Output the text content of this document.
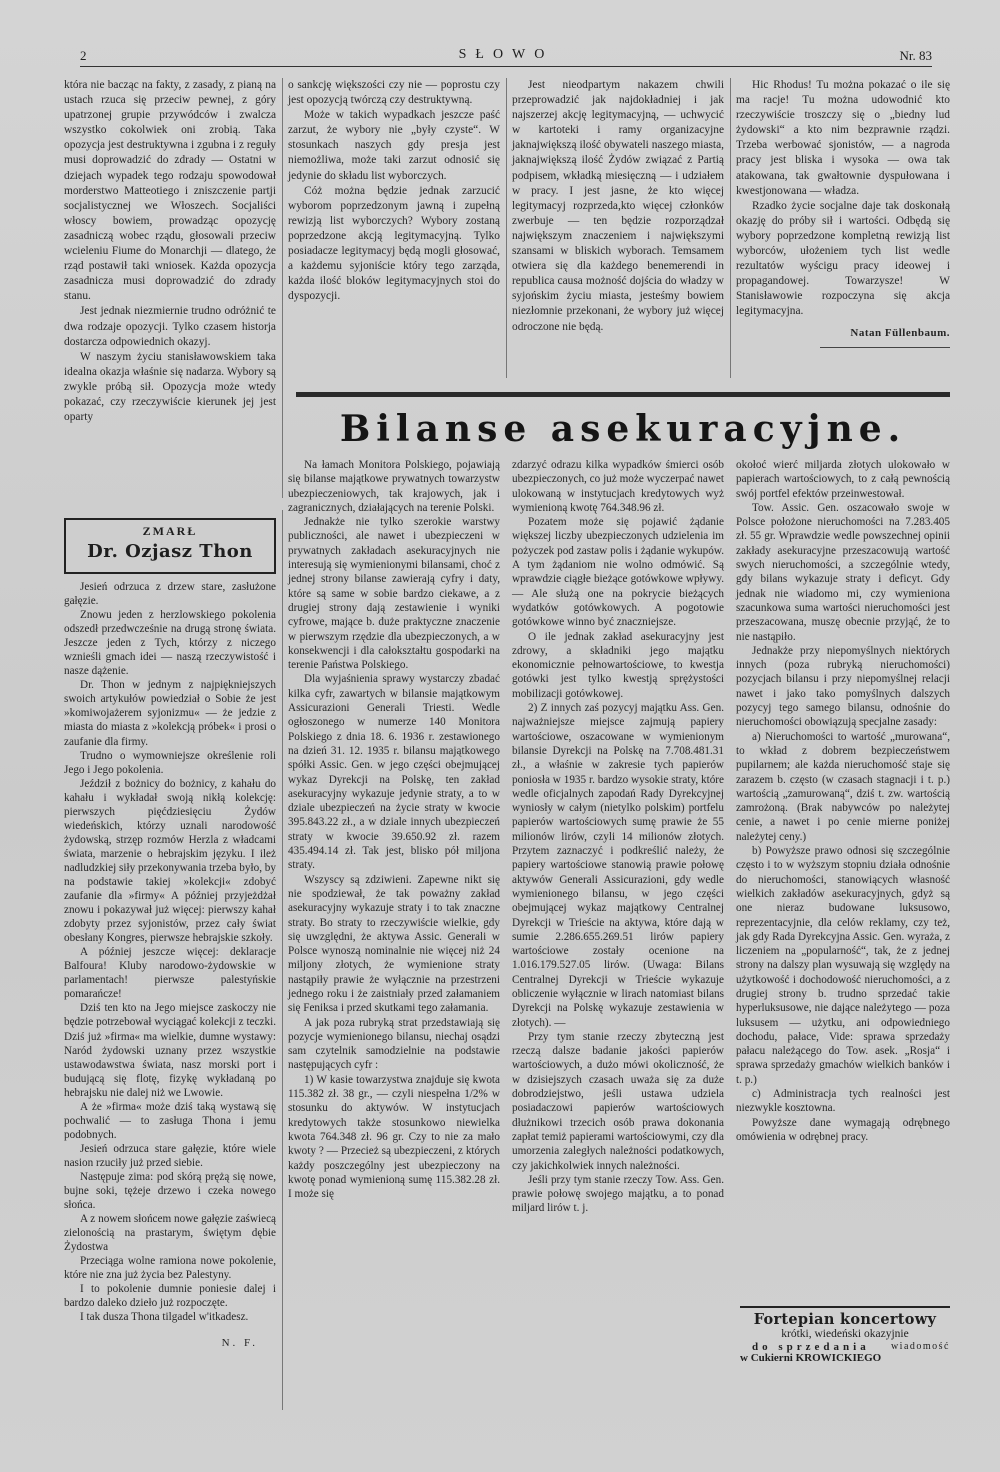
2	SŁOWO	Nr. 83

która nie bacząc na fakty, z zasady, z pianą na ustach rzuca się przeciw pewnej, z góry upatrzonej grupie przywódców i zwalcza wszystko cokolwiek oni zrobią. Taka opozycja jest destruktywna i zgubna i z reguły musi doprowadzić do zdrady — Ostatni w dziejach wypadek tego rodzaju spowodował morderstwo Matteotiego i zniszczenie partji socjalistycznej we Włoszech. Socjaliści włoscy bowiem, prowadząc opozycję zasadniczą wobec rządu, głosowali przeciw wcieleniu Fiume do Monarchji — dlatego, że rząd postawił taki wniosek. Każda opozycja zasadnicza musi doprowadzić do zdrady stanu.

Jest jednak niezmiernie trudno odróżnić te dwa rodzaje opozycji. Tylko czasem historja dostarcza odpowiednich okazyj.

W naszym życiu stanisławowskiem taka idealna okazja właśnie się nadarza. Wybory są zwykle próbą sił. Opozycja może wtedy pokazać, czy rzeczywiście kierunek jej jest oparty

o sankcję większości czy nie — poprostu czy jest opozycją twórczą czy destruktywną.

Może w takich wypadkach jeszcze paść zarzut, że wybory nie „były czyste“. W stosunkach naszych gdy presja jest niemożliwa, może taki zarzut odnosić się jedynie do składu list wyborczych.

Cóż można będzie jednak zarzucić wyborom poprzedzonym jawną i zupełną rewizją list wyborczych? Wybory zostaną poprzedzone akcją legitymacyjną. Tylko posiadacze legitymacyj będą mogli głosować, a każdemu syjoniście który tego zarząda, każda ilość bloków legitymacyjnych stoi do dyspozycji.

Jest nieodpartym nakazem chwili przeprowadzić jak najdokładniej i jak najszerzej akcję legitymacyjną, — uchwycić w kartoteki i ramy organizacyjne jaknajwiększą ilość obywateli naszego miasta, jaknajwiększą ilość Żydów związać z Partią podpisem, wkładką miesięczną — i udziałem w pracy. I jest jasne, że kto więcej legitymacyj rozprzeda,kto więcej członków zwerbuje — ten będzie rozporządzał największym znaczeniem i największymi szansami w bliskich wyborach. Temsamem otwiera się dla każdego benemerendi in republica causa możność dojścia do władzy w syjońskim życiu miasta, jesteśmy bowiem niezłomnie przekonani, że wybory już więcej odroczone nie będą.

Hic Rhodus! Tu można pokazać o ile się ma racje! Tu można udowodnić kto rzeczywiście troszczy się o „biedny lud żydowski“ a kto nim bezprawnie rządzi. Trzeba werbować sjonistów, — a nagroda pracy jest bliska i wysoka — owa tak atakowana, tak gwałtownie dyspułowana i kwestjonowana — władza.

Rzadko życie socjalne daje tak doskonałą okazję do próby sił i wartości. Odbędą się wybory poprzedzone kompletną rewizją list wyborców, ułożeniem tych list wedle rezultatów wyścigu pracy ideowej i propagandowej. Towarzysze! W Stanisławowie rozpoczyna się akcja legitymacyjna.

Natan Füllenbaum.
Bilanse asekuracyjne.
ZMARŁ
Dr. Ozjasz Thon

Jesień odrzuca z drzew stare, zasłużone gałęzie.

Znowu jeden z herzlowskiego pokolenia odszedł przedwcześnie na drugą stronę świata. Jeszcze jeden z Tych, którzy z niczego wznieśli gmach idei — naszą rzeczywistość i nasze dążenie.

Dr. Thon w jednym z najpiękniejszych swoich artykułów powiedział o Sobie że jest »komiwojażerem syjonizmu« — że jedzie z miasta do miasta z »kolekcją próbek« i prosi o zaufanie dla firmy.

Trudno o wymowniejsze określenie roli Jego i Jego pokolenia.

Jeździł z bożnicy do bożnicy, z kahału do kahału i wykładał swoją nikłą kolekcję: pierwszych pięćdziesięciu Żydów wiedeńskich, którzy uznali narodowość żydowską, strzęp rozmów Herzla z władcami świata, marzenie o hebrajskim języku. I ileż nadludzkiej siły przekonywania trzeba było, by na podstawie takiej »kolekcji« zdobyć zaufanie dla »firmy« A później przyjeżdżał znowu i pokazywał już więcej: pierwszy kahał zdobyty przez syjonistów, przez cały świat obesłany Kongres, pierwsze hebrajskie szkoły.

A później jeszcze więcej: deklaracje Balfoura! Kluby narodowo-żydowskie w parlamentach! pierwsze palestyńskie pomarańcze!

Dziś ten kto na Jego miejsce zaskoczy nie będzie potrzebował wyciągać kolekcji z teczki. Dziś już »firma« ma wielkie, dumne wystawy: Naród żydowski uznany przez wszystkie ustawodawstwa świata, nasz morski port i budującą się flotę, fizykę wykładaną po hebrajsku nie dalej niż we Lwowie.

A że »firma« może dziś taką wystawą się pochwalić — to zasługa Thona i jemu podobnych.

Jesień odrzuca stare gałęzie, które wiele nasion rzuciły już przed siebie.

Następuje zima: pod skórą prężą się nowe, bujne soki, tężeje drzewo i czeka nowego słońca.

A z nowem słońcem nowe gałęzie zaświecą zielonością na prastarym, świętym dębie Żydostwa

Przeciąga wolne ramiona nowe pokolenie, które nie zna już życia bez Palestyny.

I to pokolenie dumnie poniesie dalej i bardzo daleko dzieło już rozpoczęte.

I tak dusza Thona tilgadel w'itkadesz.

N. F.

Na łamach Monitora Polskiego, pojawiają się bilanse majątkowe prywatnych towarzystw ubezpieczeniowych, tak krajowych, jak i zagranicznych, działających na terenie Polski.

Jednakże nie tylko szerokie warstwy publiczności, ale nawet i ubezpieczeni w prywatnych zakładach asekuracyjnych nie interesują się wymienionymi bilansami, choć z jednej strony bilanse zawierają cyfry i daty, które są same w sobie bardzo ciekawe, a z drugiej strony dają zestawienie i wyniki cyfrowe, mające b. duże praktyczne znaczenie w pierwszym rzędzie dla ubezpieczonych, a w konsekwencji i dla całokształtu gospodarki na terenie Państwa Polskiego.

Dla wyjaśnienia sprawy wystarczy zbadać kilka cyfr, zawartych w bilansie majątkowym Assicurazioni Generali Triesti. Wedle ogłoszonego w numerze 140 Monitora Polskiego z dnia 18. 6. 1936 r. zestawionego na dzień 31. 12. 1935 r. bilansu majątkowego spółki Assic. Gen. w jego części obejmującej wykaz Dyrekcji na Polskę, ten zakład asekuracyjny wykazuje jedynie straty, a to w dziale ubezpieczeń na życie straty w kwocie 395.843.22 zł., a w dziale innych ubezpieczeń straty w kwocie 39.650.92 zł. razem 435.494.14 zł. Tak jest, blisko pół miljona straty.

Wszyscy są zdziwieni. Zapewne nikt się nie spodziewał, że tak poważny zakład asekuracyjny wykazuje straty i to tak znaczne straty. Bo straty to rzeczywiście wielkie, gdy się uwzględni, że aktywa Assic. Generali w Polsce wynoszą nominalnie nie więcej niż 24 miljony złotych, że wymienione straty nastąpiły prawie że wyłącznie na przestrzeni jednego roku i że zaistniały przed załamaniem się Feniksa i przed skutkami tego załamania.

A jak poza rubryką strat przedstawiają się pozycje wymienionego bilansu, niechaj osądzi sam czytelnik samodzielnie na podstawie następujących cyfr :

1) W kasie towarzystwa znajduje się kwota 115.382 zł. 38 gr., — czyli niespełna 1/2% w stosunku do aktywów. W instytucjach kredytowych także stosunkowo niewielka kwota 764.348 zł. 96 gr. Czy to nie za mało kwoty ? — Przecież są ubezpieczeni, z których każdy poszczególny jest ubezpieczony na kwotę ponad wymienioną sumę 115.382.28 zł. I może się

zdarzyć odrazu kilka wypadków śmierci osób ubezpieczonych, co już może wyczerpać nawet ulokowaną w instytucjach kredytowych wyż wymienioną kwotę 764.348.96 zł.

Pozatem może się pojawić żądanie większej liczby ubezpieczonych udzielenia im pożyczek pod zastaw polis i żądanie wykupów. A tym żądaniom nie wolno odmówić. Są wprawdzie ciągłe bieżące gotówkowe wpływy. — Ale służą one na pokrycie bieżących wydatków gotówkowych. A pogotowie gotówkowe winno być znaczniejsze.

O ile jednak zakład asekuracyjny jest zdrowy, a składniki jego majątku ekonomicznie pełnowartościowe, to kwestja gotówki jest tylko kwestją sprężystości mobilizacji gotówkowej.

2) Z innych zaś pozycyj majątku Ass. Gen. najważniejsze miejsce zajmują papiery wartościowe, oszacowane w wymienionym bilansie Dyrekcji na Polskę na 7.708.481.31 zł., a właśnie w zakresie tych papierów poniosła w 1935 r. bardzo wysokie straty, które wedle oficjalnych zapodań Rady Dyrekcyjnej wyniosły w całym (nietylko polskim) portfelu papierów wartościowych sumę prawie że 55 milionów lirów, czyli 14 milionów złotych. Przytem zaznaczyć i podkreślić należy, że papiery wartościowe stanowią prawie połowę aktywów Generali Assicurazioni, gdy wedle wymienionego bilansu, w jego części obejmującej wykaz majątkowy Centralnej Dyrekcji w Trieście na aktywa, które dają w sumie 2.286.655.269.51 lirów papiery wartościowe zostały ocenione na 1.016.179.527.05 lirów. (Uwaga: Bilans Centralnej Dyrekcji w Trieście wykazuje obliczenie wyłącznie w lirach natomiast bilans Dyrekcji na Polskę wykazuje zestawienia w złotych). —

Przy tym stanie rzeczy zbyteczną jest rzeczą dalsze badanie jakości papierów wartościowych, a dużo mówi okoliczność, że w dzisiejszych czasach uważa się za duże dobrodziejstwo, jeśli ustawa udziela posiadaczowi papierów wartościowych dłużnikowi trzecich osób prawa dokonania zapłat temiż papierami wartościowymi, czy dla umorzenia zaległych należności podatkowych, czy jakichkolwiek innych należności.

Jeśli przy tym stanie rzeczy Tow. Ass. Gen. prawie połowę swojego majątku, a to ponad miljard lirów t. j.

okołoć wierć miljarda złotych ulokowało w papierach wartościowych, to z całą pewnością swój portfel efektów przeinwestował.

Tow. Assic. Gen. oszacowało swoje w Polsce położone nieruchomości na 7.283.405 zł. 55 gr. Wprawdzie wedle powszechnej opinii zakłady asekuracyjne przeszacowują wartość swych nieruchomości, a szczególnie wtedy, gdy bilans wykazuje straty i deficyt. Gdy jednak nie wiadomo mi, czy wymieniona szacunkowa suma wartości nieruchomości jest przeszacowana, muszę obecnie przyjąć, że to nie nastąpiło.

Jednakże przy niepomyślnych niektórych innych (poza rubryką nieruchomości) pozycjach bilansu i przy niepomyślnej relacji nawet i jako tako pomyślnych dalszych pozycyj tego samego bilansu, odnośnie do nieruchomości obowiązują specjalne zasady:

a) Nieruchomości to wartość „murowana“, to wkład z dobrem bezpieczeństwem pupilarnem; ale każda nieruchomość staje się zarazem b. często (w czasach stagnacji i t. p.) wartością „zamurowaną“, dziś t. zw. wartością zamrożoną. (Brak nabywców po należytej cenie, a nawet i po cenie mierne poniżej należytej ceny.)

b) Powyższe prawo odnosi się szczególnie często i to w wyższym stopniu działa odnośnie do nieruchomości, stanowiących własność wielkich zakładów asekuracyjnych, gdyż są one nieraz budowane luksusowo, reprezentacyjnie, dla celów reklamy, czy też, jak gdy Rada Dyrekcyjna Assic. Gen. wyraża, z liczeniem na „popularność“, tak, że z jednej strony na dalszy plan wysuwają się względy na użytkowość i dochodowość nieruchomości, a z drugiej strony b. trudno sprzedać takie hyperluksusowe, nie dające należytego — poza luksusem — użytku, ani odpowiedniego dochodu, pałace, Vide: sprawa sprzedaży pałacu należącego do Tow. asek. „Rosja“ i sprawa sprzedaży gmachów wielkich banków i t. p.)

c) Administracja tych realności jest niezwykle kosztowna.

Powyższe dane wymagają odrębnego omówienia w odrębnej pracy.

Fortepian koncertowy
krótki, wiedeński okazyjnie
do sprzedania	wiadomość
w Cukierni KROWICKIEGO
